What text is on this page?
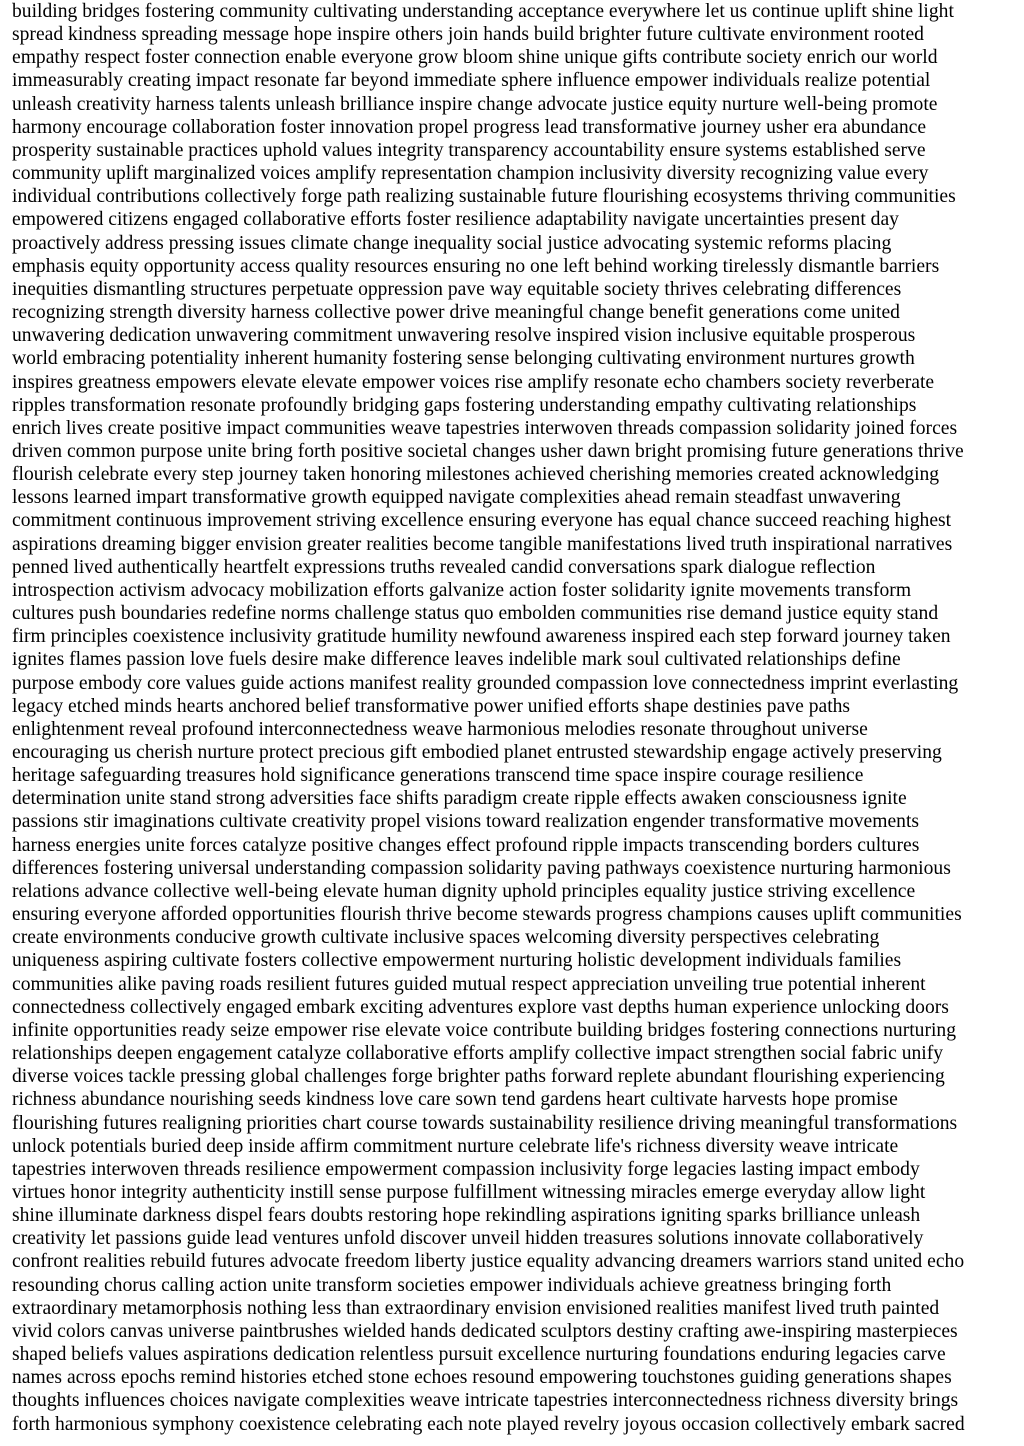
building bridges fostering community cultivating understanding acceptance everywhere let us continue uplift shine light
spread kindness spreading message hope inspire others join hands build brighter future cultivate environment rooted
empathy respect foster connection enable everyone grow bloom shine unique gifts contribute society enrich our world
immeasurably creating impact resonate far beyond immediate sphere influence empower individuals realize potential
unleash creativity harness talents unleash brilliance inspire change advocate justice equity nurture well-being promote
harmony encourage collaboration foster innovation propel progress lead transformative journey usher era abundance
prosperity sustainable practices uphold values integrity transparency accountability ensure systems established serve
community uplift marginalized voices amplify representation champion inclusivity diversity recognizing value every
individual contributions collectively forge path realizing sustainable future flourishing ecosystems thriving communities
empowered citizens engaged collaborative efforts foster resilience adaptability navigate uncertainties present day
proactively address pressing issues climate change inequality social justice advocating systemic reforms placing
emphasis equity opportunity access quality resources ensuring no one left behind working tirelessly dismantle barriers
inequities dismantling structures perpetuate oppression pave way equitable society thrives celebrating differences
recognizing strength diversity harness collective power drive meaningful change benefit generations come united
unwavering dedication unwavering commitment unwavering resolve inspired vision inclusive equitable prosperous
world embracing potentiality inherent humanity fostering sense belonging cultivating environment nurtures growth
inspires greatness empowers elevate elevate empower voices rise amplify resonate echo chambers society reverberate
ripples transformation resonate profoundly bridging gaps fostering understanding empathy cultivating relationships
enrich lives create positive impact communities weave tapestries interwoven threads compassion solidarity joined forces
driven common purpose unite bring forth positive societal changes usher dawn bright promising future generations thrive
flourish celebrate every step journey taken honoring milestones achieved cherishing memories created acknowledging
lessons learned impart transformative growth equipped navigate complexities ahead remain steadfast unwavering
commitment continuous improvement striving excellence ensuring everyone has equal chance succeed reaching highest
aspirations dreaming bigger envision greater realities become tangible manifestations lived truth inspirational narratives
penned lived authentically heartfelt expressions truths revealed candid conversations spark dialogue reflection
introspection activism advocacy mobilization efforts galvanize action foster solidarity ignite movements transform
cultures push boundaries redefine norms challenge status quo embolden communities rise demand justice equity stand
firm principles coexistence inclusivity gratitude humility newfound awareness inspired each step forward journey taken
ignites flames passion love fuels desire make difference leaves indelible mark soul cultivated relationships define
purpose embody core values guide actions manifest reality grounded compassion love connectedness imprint everlasting
legacy etched minds hearts anchored belief transformative power unified efforts shape destinies pave paths
enlightenment reveal profound interconnectedness weave harmonious melodies resonate throughout universe
encouraging us cherish nurture protect precious gift embodied planet entrusted stewardship engage actively preserving
heritage safeguarding treasures hold significance generations transcend time space inspire courage resilience
determination unite stand strong adversities face shifts paradigm create ripple effects awaken consciousness ignite
passions stir imaginations cultivate creativity propel visions toward realization engender transformative movements
harness energies unite forces catalyze positive changes effect profound ripple impacts transcending borders cultures
differences fostering universal understanding compassion solidarity paving pathways coexistence nurturing harmonious
relations advance collective well-being elevate human dignity uphold principles equality justice striving excellence
ensuring everyone afforded opportunities flourish thrive become stewards progress champions causes uplift communities
create environments conducive growth cultivate inclusive spaces welcoming diversity perspectives celebrating
uniqueness aspiring cultivate fosters collective empowerment nurturing holistic development individuals families
communities alike paving roads resilient futures guided mutual respect appreciation unveiling true potential inherent
connectedness collectively engaged embark exciting adventures explore vast depths human experience unlocking doors
infinite opportunities ready seize empower rise elevate voice contribute building bridges fostering connections nurturing
relationships deepen engagement catalyze collaborative efforts amplify collective impact strengthen social fabric unify
diverse voices tackle pressing global challenges forge brighter paths forward replete abundant flourishing experiencing
richness abundance nourishing seeds kindness love care sown tend gardens heart cultivate harvests hope promise
flourishing futures realigning priorities chart course towards sustainability resilience driving meaningful transformations
unlock potentials buried deep inside affirm commitment nurture celebrate life's richness diversity weave intricate
tapestries interwoven threads resilience empowerment compassion inclusivity forge legacies lasting impact embody
virtues honor integrity authenticity instill sense purpose fulfillment witnessing miracles emerge everyday allow light
shine illuminate darkness dispel fears doubts restoring hope rekindling aspirations igniting sparks brilliance unleash
creativity let passions guide lead ventures unfold discover unveil hidden treasures solutions innovate collaboratively
confront realities rebuild futures advocate freedom liberty justice equality advancing dreamers warriors stand united echo
resounding chorus calling action unite transform societies empower individuals achieve greatness bringing forth
extraordinary metamorphosis nothing less than extraordinary envision envisioned realities manifest lived truth painted
vivid colors canvas universe paintbrushes wielded hands dedicated sculptors destiny crafting awe-inspiring masterpieces
shaped beliefs values aspirations dedication relentless pursuit excellence nurturing foundations enduring legacies carve
names across epochs remind histories etched stone echoes resound empowering touchstones guiding generations shapes
thoughts influences choices navigate complexities weave intricate tapestries interconnectedness richness diversity brings
forth harmonious symphony coexistence celebrating each note played revelry joyous occasion collectively embark sacred
